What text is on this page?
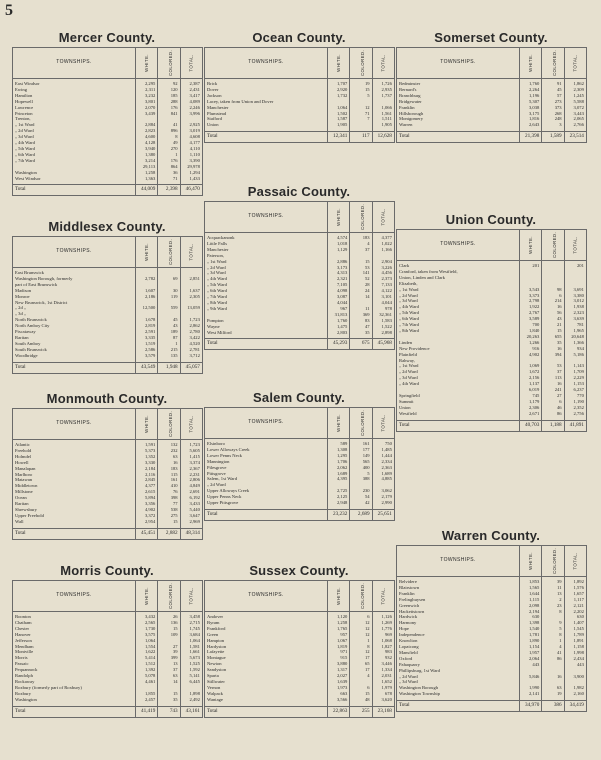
5
Mercer County.
TOWNSHIPS.	WHITE.	COLORED.	TOTAL.
East Windsor	2,295	92	2,387
Ewing	2,311	120	2,431
Hamilton	3,232	185	3,417
Hopewell	3,801	288	4,089
Lawrence	2,070	176	2,246
Princeton	3,439	841	3,996
Trenton,			
„ 1st Ward	2,884	41	2,925
„ 2d Ward	2,823	896	3,019
„ 3d Ward	4,600	8	4,608
„ 4th Ward	4,128	49	4,177
„ 5th Ward	3,940	270	4,110
„ 6th Ward	1,380	1	1,110
„ 7th Ward	3,214	176	3,390

	29,113	864	29,978
Washington	1,258	36	1,294
West Windsor	1,363	71	1,433

Total	44,009	2,398	46,470
Middlesex County.
TOWNSHIPS.	WHITE.	COLORED.	TOTAL.
East Brunswick			
Washington Borough, formerly	2,782	69	2,851
part of East Brunswick			
Madison	1,607	30	1,637
Monroe	2,186	119	2,305
New Brunswick, 1st District			
„ 2d „	12,500	559	13,059
„ 3d „			
North Brunswick	1,678	45	1,723
North Amboy City	2,819	43	2,862
Piscataway	2,591	189	2,780
Raritan	3,335	87	3,422
South Amboy	1,519	1	4,520
South Brunswick	2,586	215	2,781
Woodbridge	3,579	135	3,712

Total	43,549	1,948	45,057
Monmouth County.
TOWNSHIPS.	WHITE.	COLORED.	TOTAL.
Atlantic	1,591	132	1,723
Freehold	5,373	232	5,605
Holmdel	1,352	63	1,415
Howell	3,330	16	3,374
Manalapan	2,184	183	2,367
Marlboro	2,116	115	2,231
Matawan	2,845	161	2,806
Middletown	4,377	410	4,849
Millstone	2,615	76	2,691
Ocean	5,894	398	6,192
Raritan	3,356	77	3,433
Shrewsbury	4,902	538	5,440
Upper Freehold	3,372	275	3,647
Wall	2,954	15	2,969

Total	45,451	2,882	48,314
Morris County.
TOWNSHIPS.	WHITE.	COLORED.	TOTAL.
Boonton	3,432	26	3,458
Chatham	2,565	136	2,715
Chester	1,730	15	1,745
Hanover	3,575	109	3,684
Jefferson	1,064		1,064
Mendham	1,554	27	1,581
Montville	1,622	39	1,661
Morris	5,414	399	5,673
Passaic	1,512	13	1,525
Pequannock	1,392	37	1,592
Randolph	5,078	63	5,141
Rockaway	4,461	14	6,445
Roxbury (formerly part of Roxbury)			
Roxbury	1,855	15	1,898
Washington	2,457	35	2,492

Total	41,419	743	43,161
Ocean County.
TOWNSHIPS.	WHITE.	COLORED.	TOTAL.
Brick	1,707	19	1,726
Dover	2,920	15	2,935
Jackson	1,732	5	1,737
Lacey, taken from Union and Dover			
Manchester	1,064	12	1,066
Plumstead	1,502	71	1,561
Stafford	1,587	7	1,511
Union	1,905		1,905

Total	12,341	117	12,628
Passaic County.
TOWNSHIPS.	WHITE.	COLORED.	TOTAL.
Acquackanonk	4,574	183	4,377
Little Falls	1,018	4	1,022
Manchester	1,129	37	1,166
Paterson,			
„ 1st Ward	2,886	15	2,904
„ 2d Ward	3,173	53	3,226
„ 3d Ward	4,313	141	4,456
„ 4th Ward	2,321	52	2,373
„ 5th Ward	7,105	28	7,133
„ 6th Ward	4,098	24	4,122
„ 7th Ward	3,087	14	3,101
„ 8th Ward	4,044		4,044
„ 9th Ward	967	11	978

	31,813	369	32,361
Pompton	1,760	83	1,583
Wayne	1,475	47	1,522
West Milford	2,803	35	2,898

Total	45,293	675	45,968
Salem County.
TOWNSHIPS.	WHITE.	COLORED.	TOTAL.
Elsinboro	589	161	750
Lower Alloways Creek	1,308	177	1,485
Lower Penns Neck	1,295	149	1,444
Mannington	1,706	565	2,334
Pilesgrove	2,062	400	2,363
Pittsgrove	1,689	5	1,689
Salem, 1st Ward	4,395	388	4,885
„ 2d Ward			
Upper Alloways Creek	2,725	230	3,062
Upper Penns Neck	2,125	54	2,179
Upper Pittsgrove	2,948	42	2,990

Total	23,232	2,689	25,651
Sussex County.
TOWNSHIPS.	WHITE.	COLORED.	TOTAL.
Andover	1,120	6	1,126
Byram	1,258	12	1,269
Frankford	1,765	12	1,776
Green	957	12	969
Hampton	1,067	1	1,068
Hardyston	1,819	8	1,827
Lafayette	971	12	983
Montague	915	17	932
Newton	3,880	65	3,446
Sandyston	1,317	17	1,334
Sparta	2,027	4	2,031
Stillwater	1,639		1,652
Vernon	1,973	6	1,979
Walpack	663	15	678
Wantage	3,566	48	3,620

Total	22,863	255	23,168
Somerset County.
TOWNSHIPS.	WHITE.	COLORED.	TOTAL.
Bedminster	1,760	91	1,862
Bernard's	2,264	45	2,309
Branchburg	1,196	57	1,245
Bridgewater	5,307	273	5,588
Franklin	3,038	373	3,072
Hillsborough	3,175	268	3,443
Montgomery	1,816	248	2,065
Warren	2,643	3	2,766

Total	21,398	1,589	23,514
Union County.
TOWNSHIPS.	WHITE.	COLORED.	TOTAL.
Clark	201		201
Cranford, taken from Westfield,			
Union, Linden and Clark			
Elizabeth,			
„ 1st Ward	3,543	98	3,691
„ 2d Ward	3,373	6	3,380
„ 3d Ward	2,798	214	3,012
„ 4th Ward	1,922	16	1,938
„ 5th Ward	2,767	56	2,323
„ 6th Ward	3,589	43	3,639
„ 7th Ward	700	21	781
„ 8th Ward	1,840	15	1,965

	20,263	655	20,648
Linden	1,266	35	1,366
New Providence	916	16	934
Plainfield	4,902	394	5,186

Rahway,			
„ 1st Ward	1,069	53	1,143
„ 2d Ward	1,672	37	1,709
„ 3d Ward	2,156	113	2,229
„ 4th Ward	1,137	16	1,153

	6,019	241	6,237
Springfield	745	27	770
Summit	1,179	6	1,190
Union	2,306	46	2,352
Westfield	2,671	86	2,756

Total	40,703	1,188	41,891
Warren County.
TOWNSHIPS.	WHITE.	COLORED.	TOTAL.
Belvidere	1,853	39	1,892
Blairstown	1,565	11	1,576
Franklin	1,644	13	1,657
Frelinghuysen	1,115	2	1,117
Greenwich	2,098	23	2,121
Hackettstown	2,194	8	2,202
Hardwick	630		630
Harmony	1,398	9	1,407
Hope	1,540	5	1,545
Independence	1,781	8	1,789
Knowlton	1,890	1	1,891
Lopatcong	1,154	4	1,158
Mansfield	1,957	41	1,998
Oxford	2,064	86	2,434
Pahaquarry	443		443
Phillipsburg, 1st Ward			
„ 2d Ward	5,846	16	3,900
„ 3d Ward			
Washington Borough	1,990	63	1,982
Washington Township	2,141	19	2,160

Total	34,970	386	34,419
